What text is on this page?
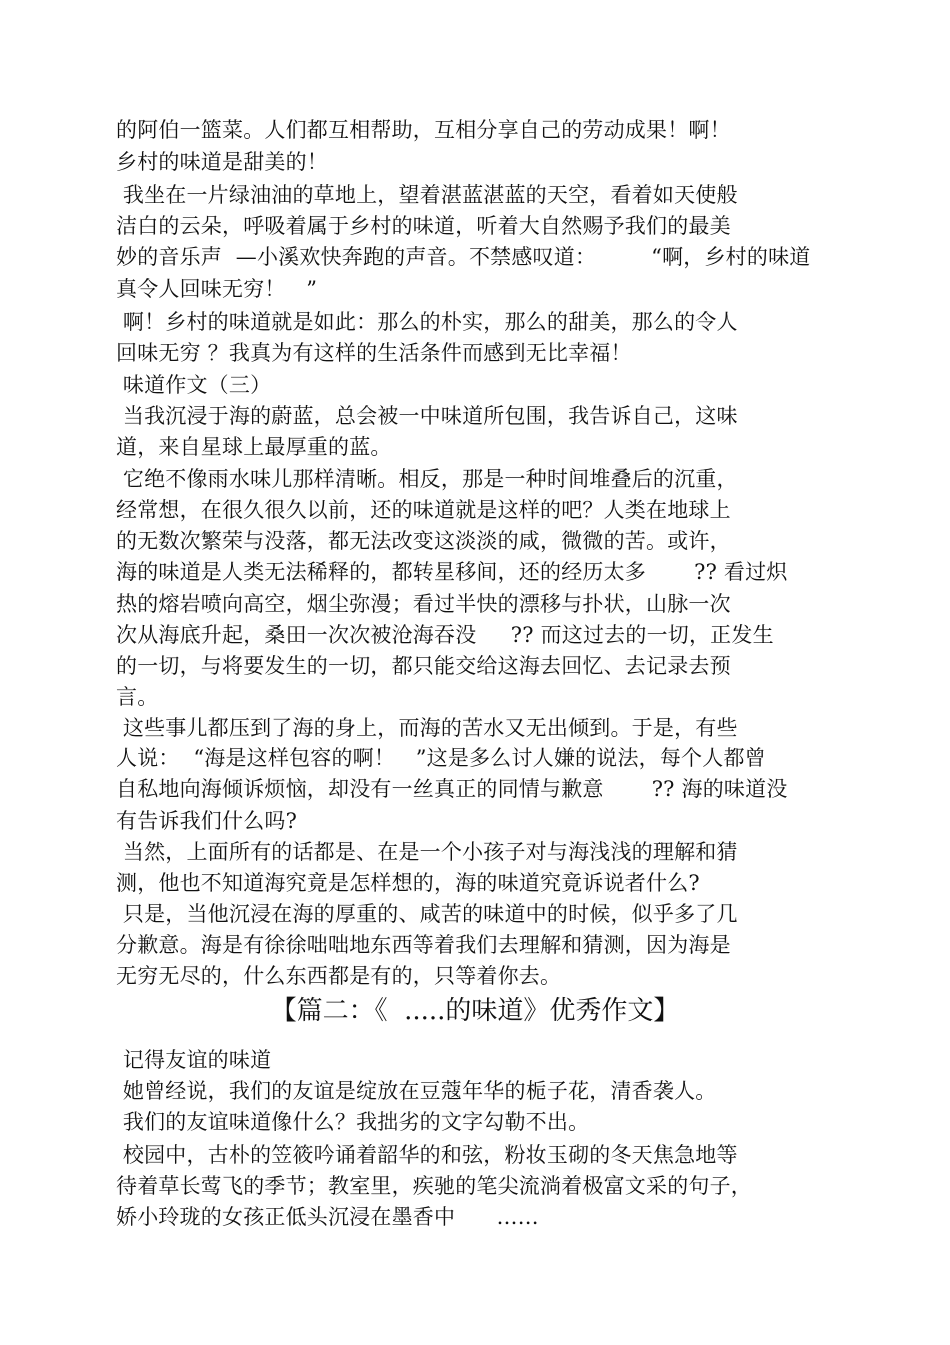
的阿伯一篮菜。人们都互相帮助，互相分享自己的劳动成果！啊！
乡村的味道是甜美的！
我坐在一片绿油油的草地上，望着湛蓝湛蓝的天空，看着如天使般
洁白的云朵，呼吸着属于乡村的味道，听着大自然赐予我们的最美
妙的音乐声  —小溪欢快奔跑的声音。不禁感叹道：        “啊，乡村的味道
真令人回味无穷！   ”
啊！乡村的味道就是如此：那么的朴实，那么的甜美，那么的令人
回味无穷 ？我真为有这样的生活条件而感到无比幸福！
味道作文（三）
当我沉浸于海的蔚蓝，总会被一中味道所包围，我告诉自己，这味
道，来自星球上最厚重的蓝。
它绝不像雨水味儿那样清晰。相反，那是一种时间堆叠后的沉重，
经常想，在很久很久以前，还的味道就是这样的吧？人类在地球上
的无数次繁荣与没落，都无法改变这淡淡的咸，微微的苦。或许，
海的味道是人类无法稀释的，都转星移间，还的经历太多       ?? 看过炽
热的熔岩喷向高空，烟尘弥漫；看过半快的漂移与扑状，山脉一次
次从海底升起，桑田一次次被沧海吞没     ?? 而这过去的一切，正发生
的一切，与将要发生的一切，都只能交给这海去回忆、去记录去预
言。
这些事儿都压到了海的身上，而海的苦水又无出倾到。于是，有些
人说：  “海是这样包容的啊！   ”这是多么讨人嫌的说法，每个人都曾
自私地向海倾诉烦恼，却没有一丝真正的同情与歉意       ?? 海的味道没
有告诉我们什么吗?
当然，上面所有的话都是、在是一个小孩子对与海浅浅的理解和猜
测，他也不知道海究竟是怎样想的，海的味道究竟诉说者什么?
只是，当他沉浸在海的厚重的、咸苦的味道中的时候，似乎多了几
分歉意。海是有徐徐咄咄地东西等着我们去理解和猜测，因为海是
无穷无尽的，什么东西都是有的，只等着你去。
【篇二：《  .....的味道》优秀作文】
记得友谊的味道
她曾经说，我们的友谊是绽放在豆蔻年华的栀子花，清香袭人。
我们的友谊味道像什么？我拙劣的文字勾勒不出。
校园中，古朴的笠筱吟诵着韶华的和弦，粉妆玉砌的冬天焦急地等
待着草长莺飞的季节；教室里，疾驰的笔尖流淌着极富文采的句子，
娇小玲珑的女孩正低头沉浸在墨香中      ……
